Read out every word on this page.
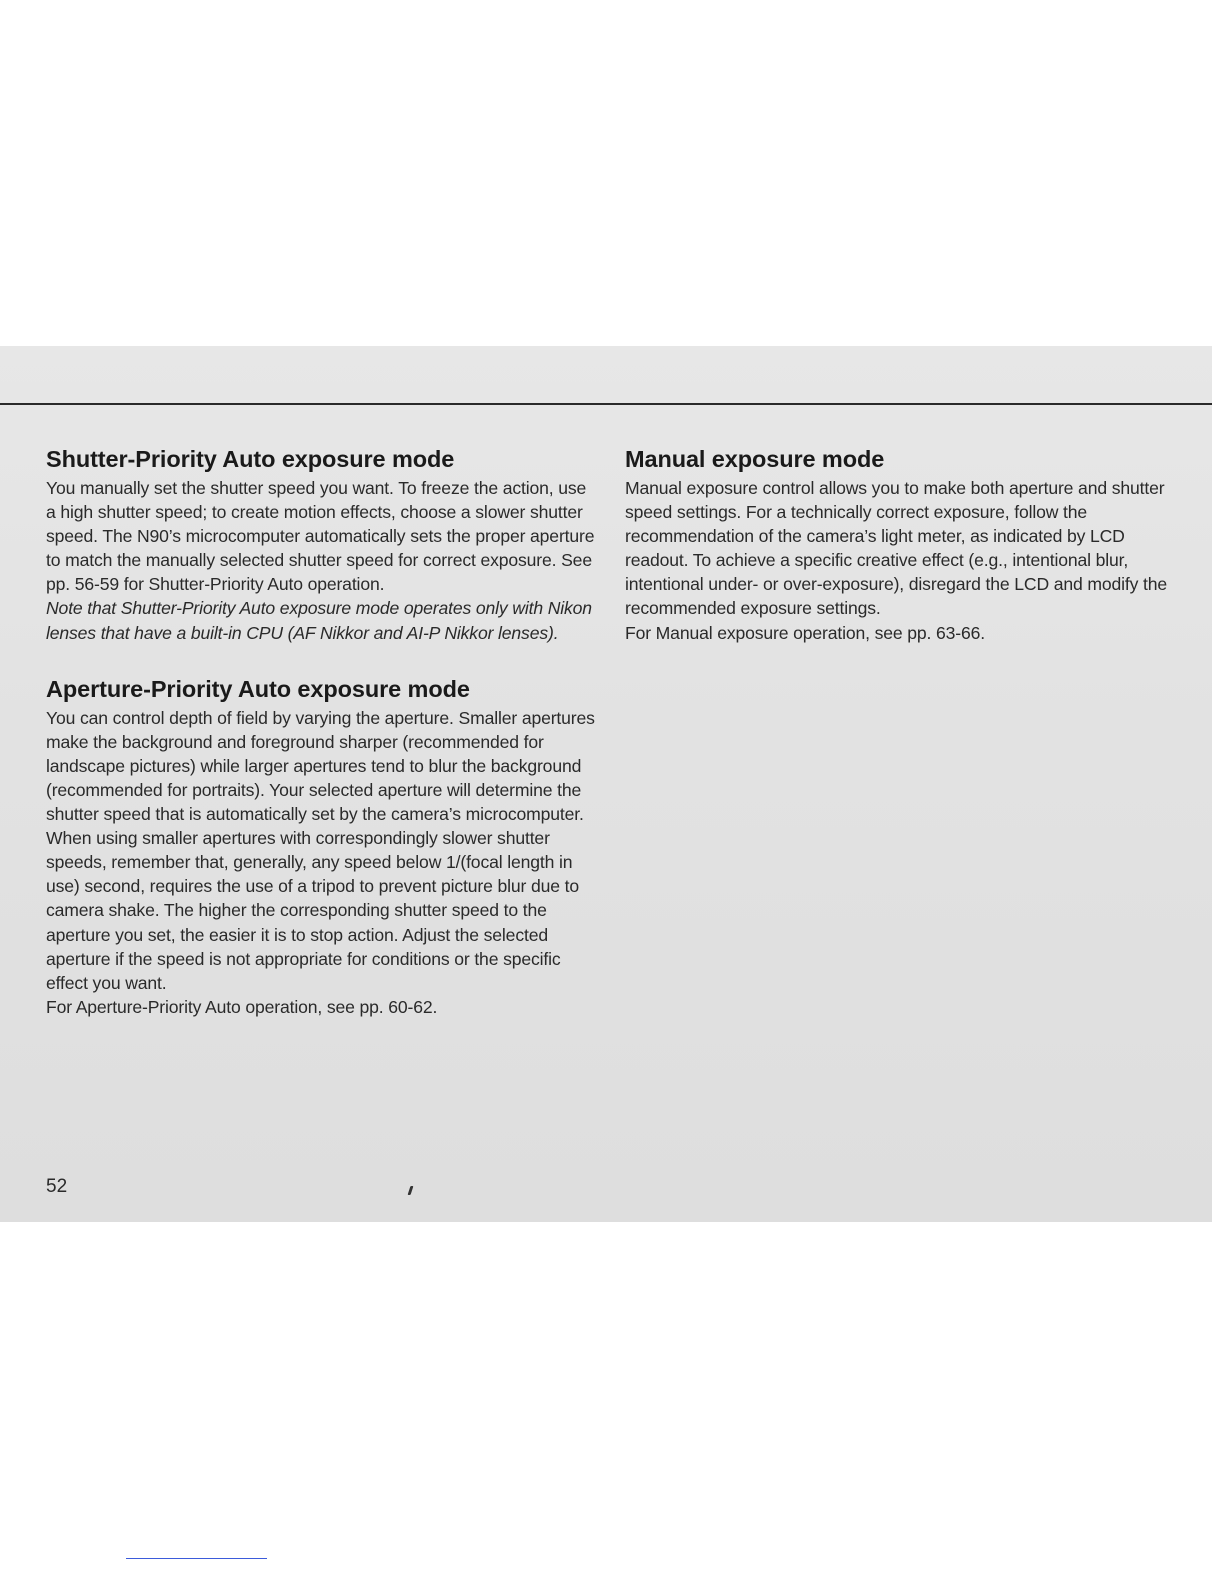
Shutter-Priority Auto exposure mode

You manually set the shutter speed you want. To freeze the action, use a high shutter speed; to create motion effects, choose a slower shutter speed. The N90’s microcomputer automatically sets the proper aperture to match the manually selected shutter speed for correct exposure. See pp. 56-59 for Shutter-Priority Auto operation.

Note that Shutter-Priority Auto exposure mode operates only with Nikon lenses that have a built-in CPU (AF Nikkor and AI-P Nikkor lenses).

Aperture-Priority Auto exposure mode

You can control depth of field by varying the aperture. Smaller apertures make the background and foreground sharper (recommended for landscape pictures) while larger apertures tend to blur the background (recommended for portraits). Your selected aperture will determine the shutter speed that is automatically set by the camera’s microcomputer. When using smaller apertures with correspondingly slower shutter speeds, remember that, generally, any speed below 1/(focal length in use) second, requires the use of a tripod to prevent picture blur due to camera shake. The higher the corresponding shutter speed to the aperture you set, the easier it is to stop action. Adjust the selected aperture if the speed is not appropriate for conditions or the specific effect you want.

For Aperture-Priority Auto operation, see pp. 60-62.

Manual exposure mode

Manual exposure control allows you to make both aperture and shutter speed settings. For a technically correct exposure, follow the recommendation of the camera’s light meter, as indicated by LCD readout. To achieve a specific creative effect (e.g., intentional blur, intentional under- or over-exposure), disregard the LCD and modify the recommended exposure settings.

For Manual exposure operation, see pp. 63-66.

52
